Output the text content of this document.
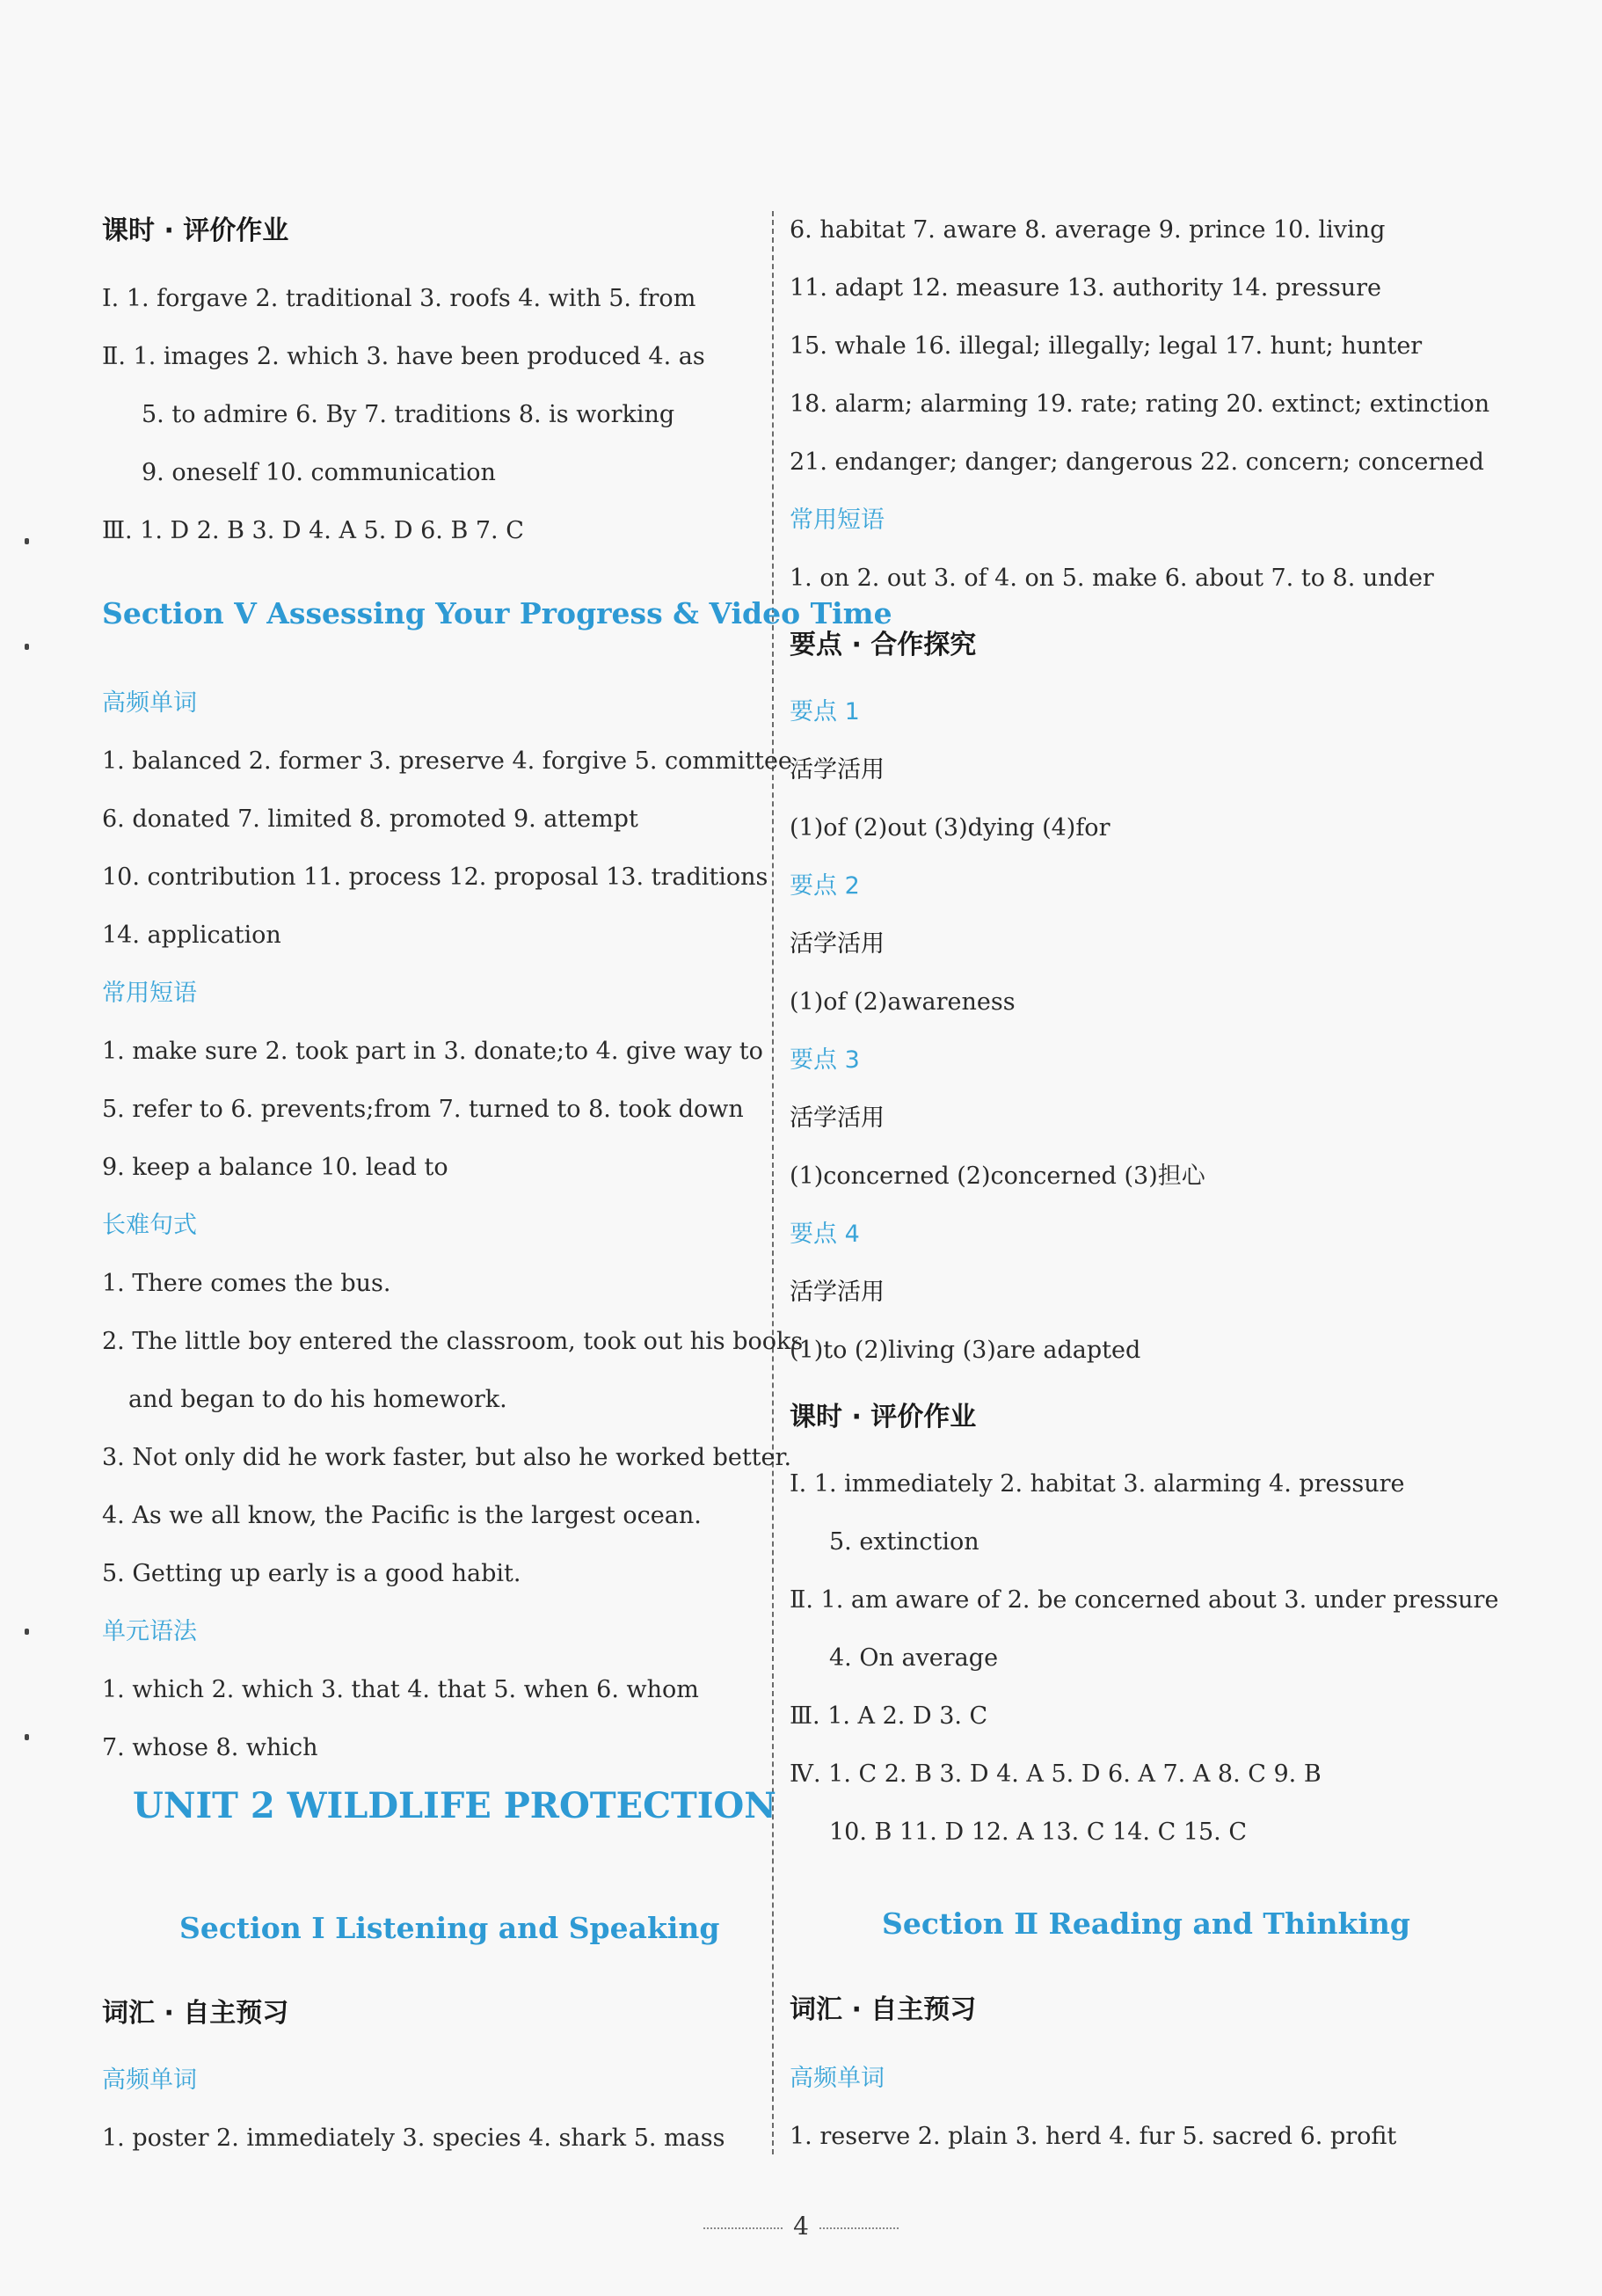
UNIT 2 WILDLIFE PROTECTION
Section Ⅰ Listening and Speaking
词汇 · 自主预习
高频单词
1. poster 2. immediately 3. species 4. shark 5. mass
课时 · 评价作业
Ⅰ. 1. forgave 2. traditional 3. roofs 4. with 5. from
Ⅱ. 1. images 2. which 3. have been produced 4. as
5. to admire 6. By 7. traditions 8. is working
9. oneself 10. communication
Ⅲ. 1. D 2. B 3. D 4. A 5. D 6. B 7. C
Section Ⅴ Assessing Your Progress & Video Time
高频单词
1. balanced 2. former 3. preserve 4. forgive 5. committee
6. donated 7. limited 8. promoted 9. attempt
10. contribution 11. process 12. proposal 13. traditions
14. application
常用短语
1. make sure 2. took part in 3. donate;to 4. give way to
5. refer to 6. prevents;from 7. turned to 8. took down
9. keep a balance 10. lead to
长难句式
1. There comes the bus.
2. The little boy entered the classroom, took out his books
and began to do his homework.
3. Not only did he work faster, but also he worked better.
4. As we all know, the Pacific is the largest ocean.
5. Getting up early is a good habit.
单元语法
1. which 2. which 3. that 4. that 5. when 6. whom
7. whose 8. which
Section Ⅱ Reading and Thinking
词汇 · 自主预习
高频单词
1. reserve 2. plain 3. herd 4. fur 5. sacred 6. profit
6. habitat 7. aware 8. average 9. prince 10. living
11. adapt 12. measure 13. authority 14. pressure
15. whale 16. illegal; illegally; legal 17. hunt; hunter
18. alarm; alarming 19. rate; rating 20. extinct; extinction
21. endanger; danger; dangerous 22. concern; concerned
常用短语
1. on 2. out 3. of 4. on 5. make 6. about 7. to 8. under
要点 · 合作探究
要点 1
活学活用
(1)of (2)out (3)dying (4)for
要点 2
活学活用
(1)of (2)awareness
要点 3
活学活用
(1)concerned (2)concerned (3)担心
要点 4
活学活用
(1)to (2)living (3)are adapted
课时 · 评价作业
Ⅰ. 1. immediately 2. habitat 3. alarming 4. pressure
5. extinction
Ⅱ. 1. am aware of 2. be concerned about 3. under pressure
4. On average
Ⅲ. 1. A 2. D 3. C
Ⅳ. 1. C 2. B 3. D 4. A 5. D 6. A 7. A 8. C 9. B
10. B 11. D 12. A 13. C 14. C 15. C
4
